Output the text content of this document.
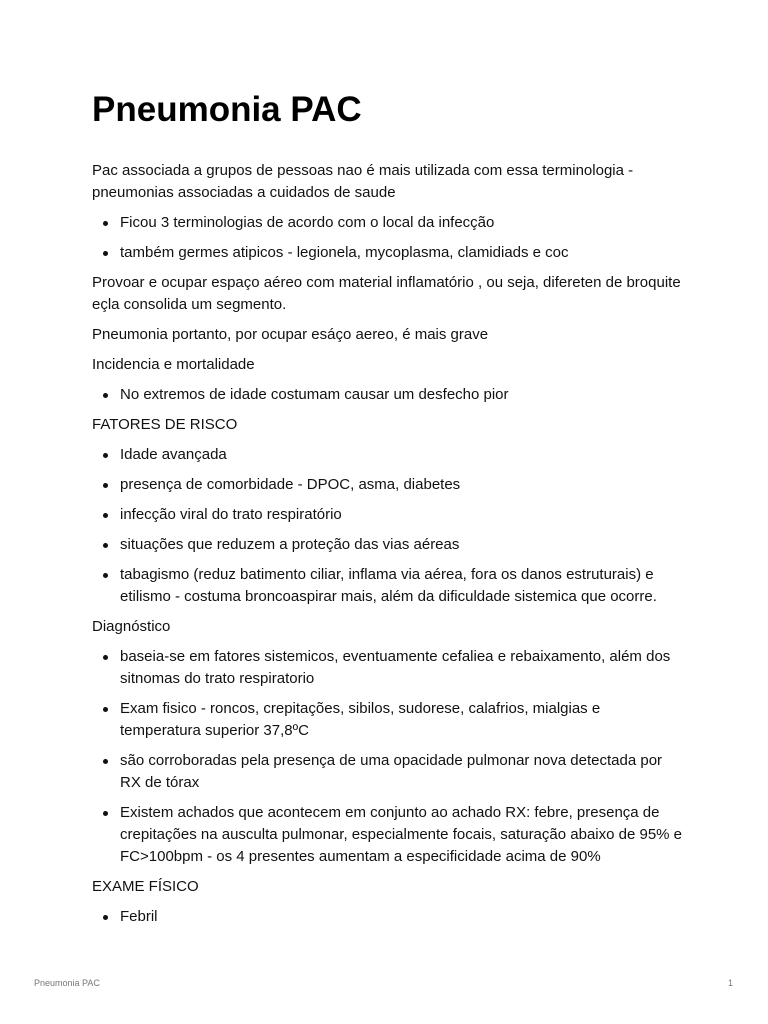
Pneumonia PAC

Pac associada a grupos de pessoas nao é mais utilizada com essa terminologia - pneumonias associadas a cuidados de saude

Ficou 3 terminologias de acordo com o local da infecção
também germes atipicos - legionela, mycoplasma, clamidiads e coc

Provoar e ocupar espaço aéreo com material inflamatório , ou seja, difereten de broquite eçla consolida um segmento.

Pneumonia portanto, por ocupar esáço aereo, é mais grave

Incidencia e mortalidade

No extremos de idade costumam causar um desfecho pior

FATORES DE RISCO

Idade avançada
presença de comorbidade - DPOC, asma, diabetes
infecção viral do trato respiratório
situações que reduzem a proteção das vias aéreas
tabagismo (reduz batimento ciliar, inflama via aérea, fora os danos estruturais) e etilismo - costuma broncoaspirar mais, além da dificuldade sistemica que ocorre.

Diagnóstico

baseia-se em fatores sistemicos, eventuamente cefaliea e rebaixamento, além dos sitnomas do trato respiratorio
Exam fisico - roncos, crepitações, sibilos, sudorese, calafrios, mialgias e temperatura superior 37,8ºC
são corroboradas pela presença de uma opacidade pulmonar nova detectada por RX de tórax
Existem achados que acontecem em conjunto ao achado RX: febre, presença de crepitações na ausculta pulmonar, especialmente focais, saturação abaixo de 95% e FC>100bpm - os 4 presentes aumentam a especificidade acima de 90%

EXAME FÍSICO

Febril
Pneumonia PAC	1
